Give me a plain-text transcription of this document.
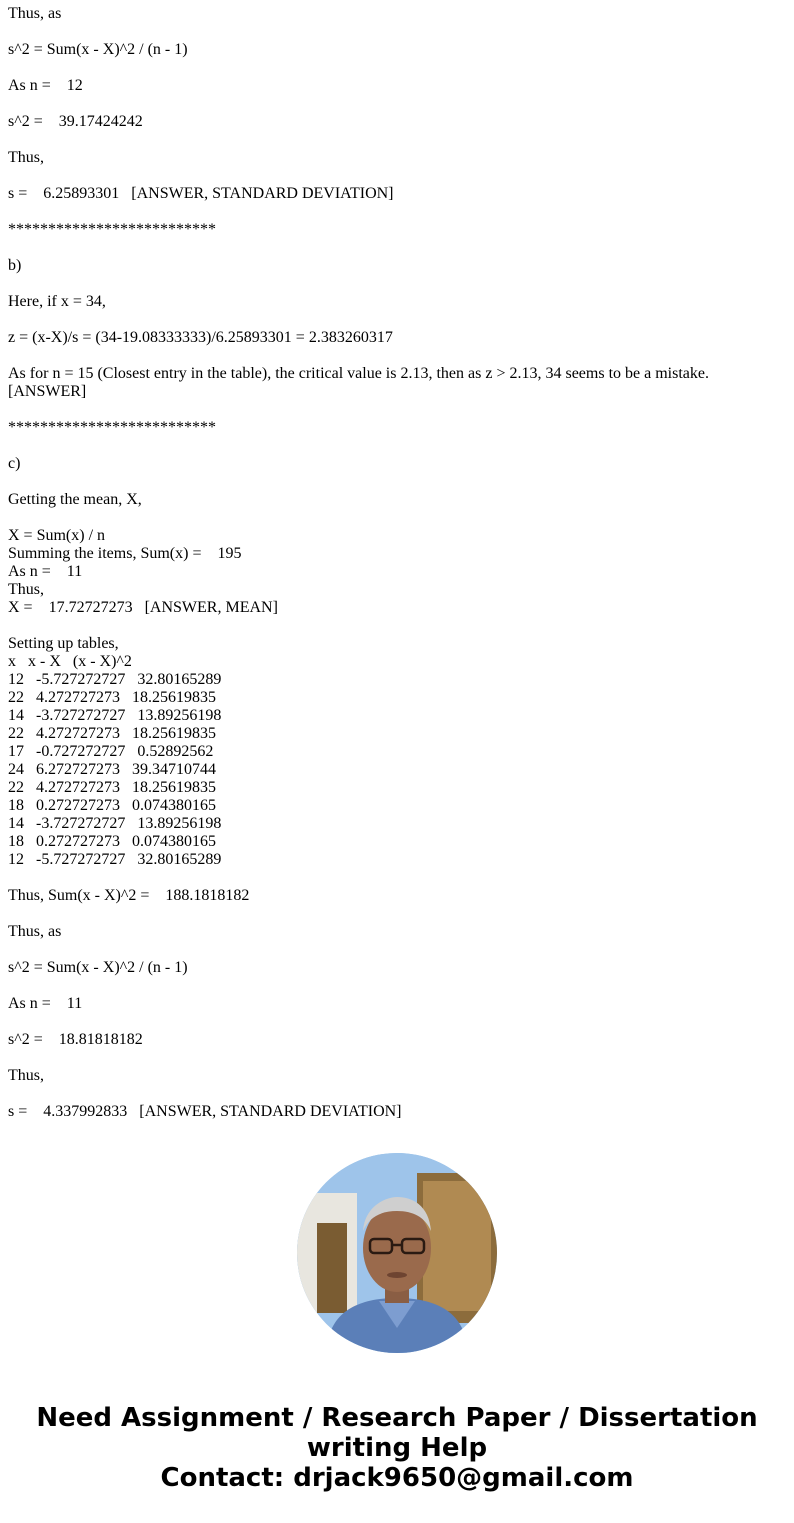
Thus, as

s^2 = Sum(x - X)^2 / (n - 1)

As n =    12

s^2 =    39.17424242

Thus,

s =    6.25893301   [ANSWER, STANDARD DEVIATION]

**************************

b)

Here, if x = 34,

z = (x-X)/s = (34-19.08333333)/6.25893301 = 2.383260317

As for n = 15 (Closest entry in the table), the critical value is 2.13, then as z > 2.13, 34 seems to be a mistake. [ANSWER]

**************************

c)

Getting the mean, X,

X = Sum(x) / n
Summing the items, Sum(x) =    195
As n =    11
Thus,
X =    17.72727273   [ANSWER, MEAN]
Setting up tables,
x   x - X   (x - X)^2
12   -5.727272727   32.80165289
22   4.272727273   18.25619835
14   -3.727272727   13.89256198
22   4.272727273   18.25619835
17   -0.727272727   0.52892562
24   6.272727273   39.34710744
22   4.272727273   18.25619835
18   0.272727273   0.074380165
14   -3.727272727   13.89256198
18   0.272727273   0.074380165
12   -5.727272727   32.80165289

Thus, Sum(x - X)^2 =    188.1818182

Thus, as

s^2 = Sum(x - X)^2 / (n - 1)

As n =    11

s^2 =    18.81818182

Thus,

s =    4.337992833   [ANSWER, STANDARD DEVIATION]

Need Assignment / Research Paper / Dissertation
writing Help
Contact: drjack9650@gmail.com
